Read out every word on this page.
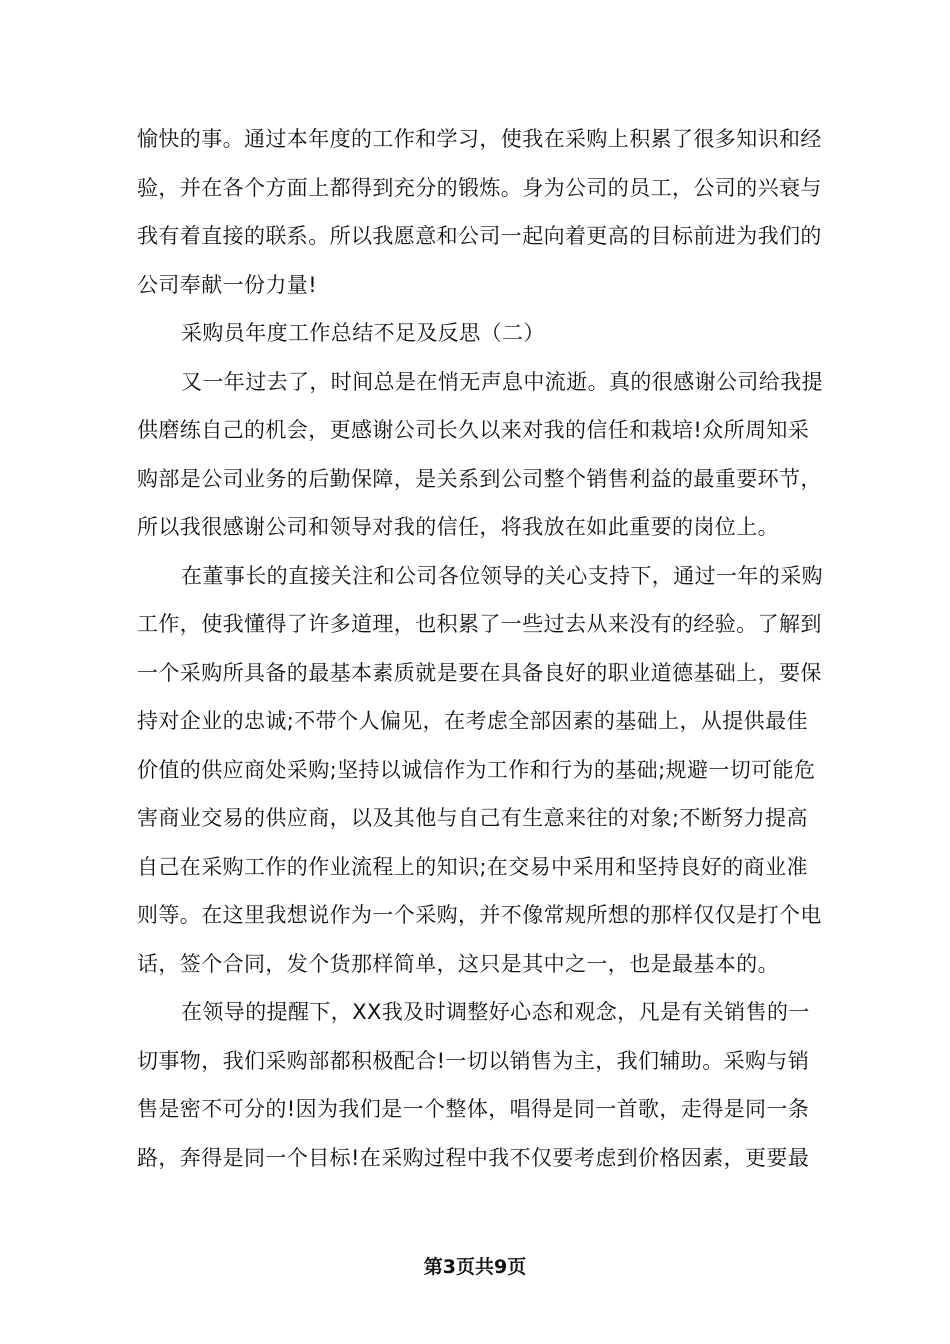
愉快的事。通过本年度的工作和学习，使我在采购上积累了很多知识和经
验，并在各个方面上都得到充分的锻炼。身为公司的员工，公司的兴衰与
我有着直接的联系。所以我愿意和公司一起向着更高的目标前进为我们的
公司奉献一份力量!
采购员年度工作总结不足及反思（二）
又一年过去了，时间总是在悄无声息中流逝。真的很感谢公司给我提
供磨练自己的机会，更感谢公司长久以来对我的信任和栽培!众所周知采
购部是公司业务的后勤保障，是关系到公司整个销售利益的最重要环节，
所以我很感谢公司和领导对我的信任，将我放在如此重要的岗位上。
在董事长的直接关注和公司各位领导的关心支持下，通过一年的采购
工作，使我懂得了许多道理，也积累了一些过去从来没有的经验。了解到
一个采购所具备的最基本素质就是要在具备良好的职业道德基础上，要保
持对企业的忠诚;不带个人偏见，在考虑全部因素的基础上，从提供最佳
价值的供应商处采购;坚持以诚信作为工作和行为的基础;规避一切可能危
害商业交易的供应商，以及其他与自己有生意来往的对象;不断努力提高
自己在采购工作的作业流程上的知识;在交易中采用和坚持良好的商业准
则等。在这里我想说作为一个采购，并不像常规所想的那样仅仅是打个电
话，签个合同，发个货那样简单，这只是其中之一，也是最基本的。
在领导的提醒下，XX我及时调整好心态和观念，凡是有关销售的一
切事物，我们采购部都积极配合!一切以销售为主，我们辅助。采购与销
售是密不可分的!因为我们是一个整体，唱得是同一首歌，走得是同一条
路，奔得是同一个目标!在采购过程中我不仅要考虑到价格因素，更要最
第3页共9页
